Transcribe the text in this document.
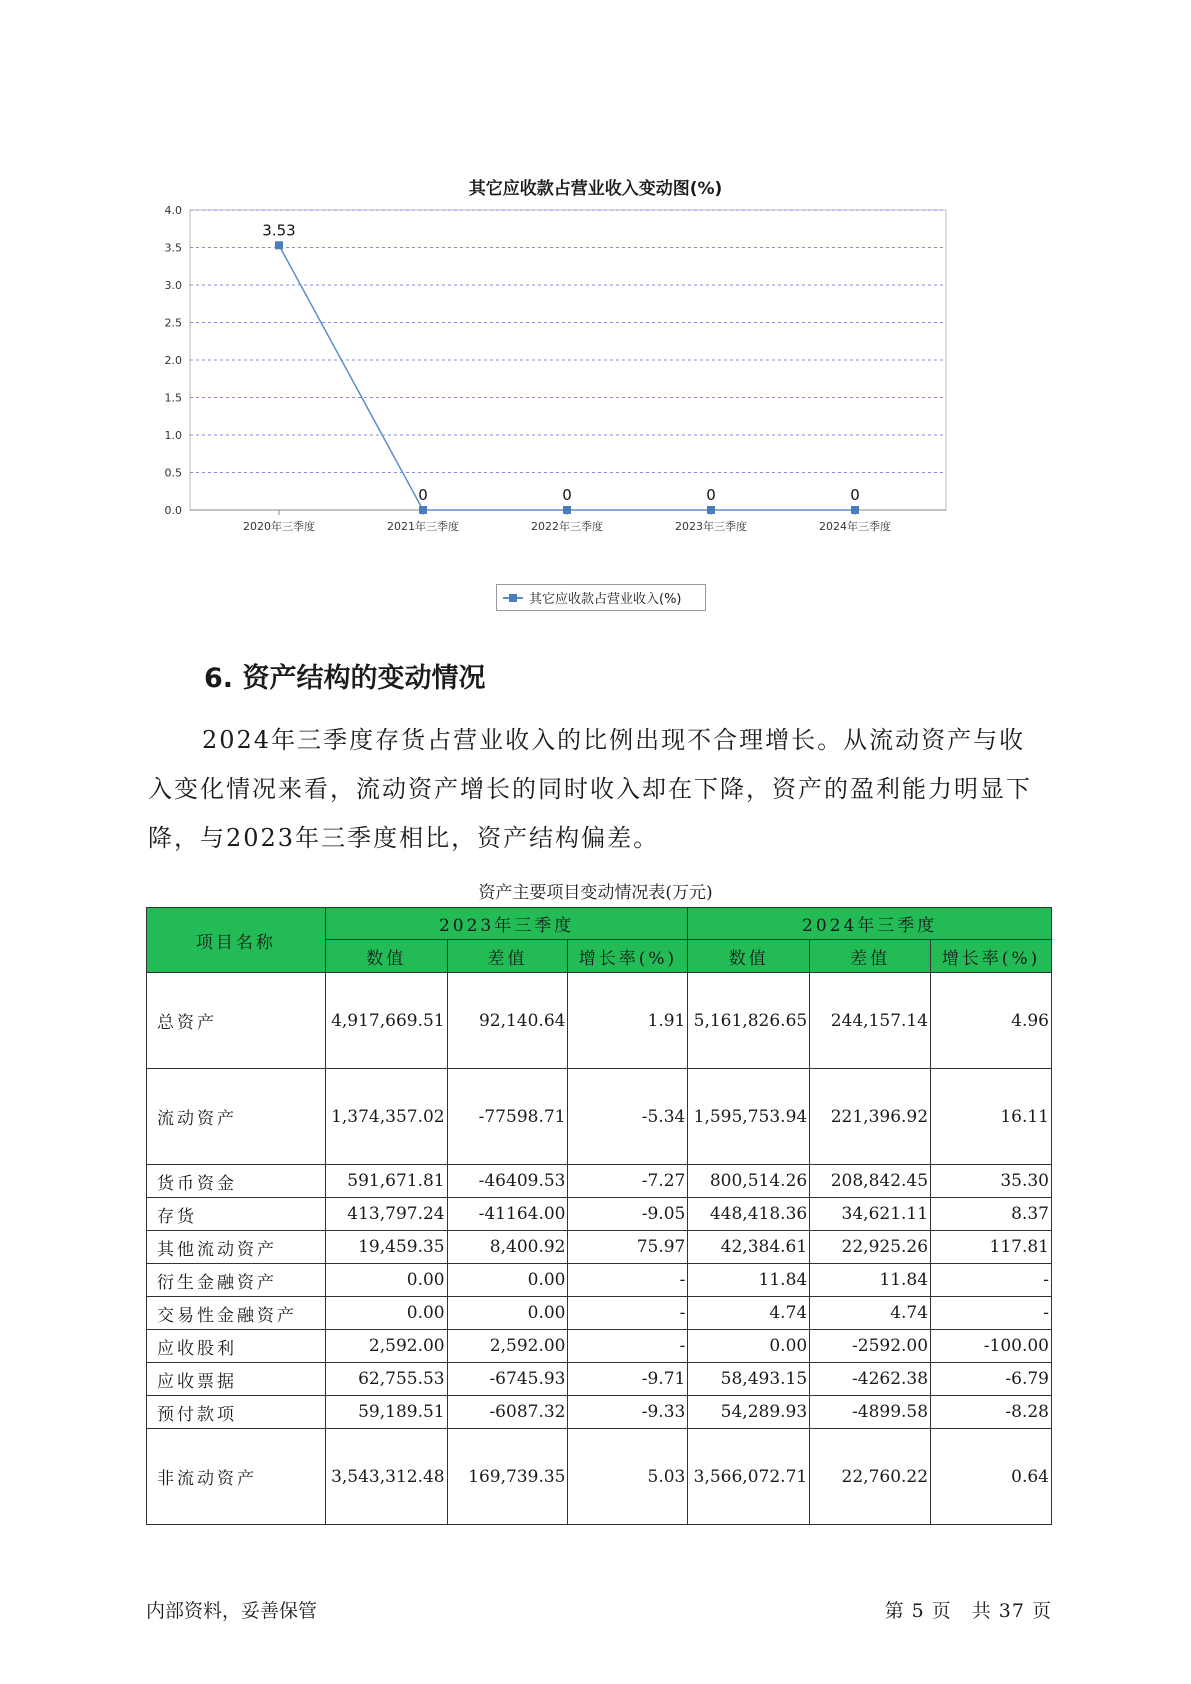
其它应收款占营业收入变动图(%)
0.0
0.5
1.0
1.5
2.0
2.5
3.0
3.5
4.0
2020年三季度	2021年三季度	2022年三季度	2023年三季度	2024年三季度
3.53
0	0	0	0
其它应收款占营业收入(%)
6. 资产结构的变动情况
2024年三季度存货占营业收入的比例出现不合理增长。从流动资产与收入变化情况来看，流动资产增长的同时收入却在下降，资产的盈利能力明显下降，与2023年三季度相比，资产结构偏差。
资产主要项目变动情况表(万元)
项目名称	2023年三季度			2024年三季度		
	数值	差值	增长率(%)	数值	差值	增长率(%)
总资产	4,917,669.51	92,140.64	1.91	5,161,826.65	244,157.14	4.96
流动资产	1,374,357.02	-77598.71	-5.34	1,595,753.94	221,396.92	16.11
货币资金	591,671.81	-46409.53	-7.27	800,514.26	208,842.45	35.30
存货	413,797.24	-41164.00	-9.05	448,418.36	34,621.11	8.37
其他流动资产	19,459.35	8,400.92	75.97	42,384.61	22,925.26	117.81
衍生金融资产	0.00	0.00	-	11.84	11.84	-
交易性金融资产	0.00	0.00	-	4.74	4.74	-
应收股利	2,592.00	2,592.00	-	0.00	-2592.00	-100.00
应收票据	62,755.53	-6745.93	-9.71	58,493.15	-4262.38	-6.79
预付款项	59,189.51	-6087.32	-9.33	54,289.93	-4899.58	-8.28
非流动资产	3,543,312.48	169,739.35	5.03	3,566,072.71	22,760.22	0.64
内部资料，妥善保管	第 5 页　共 37 页
